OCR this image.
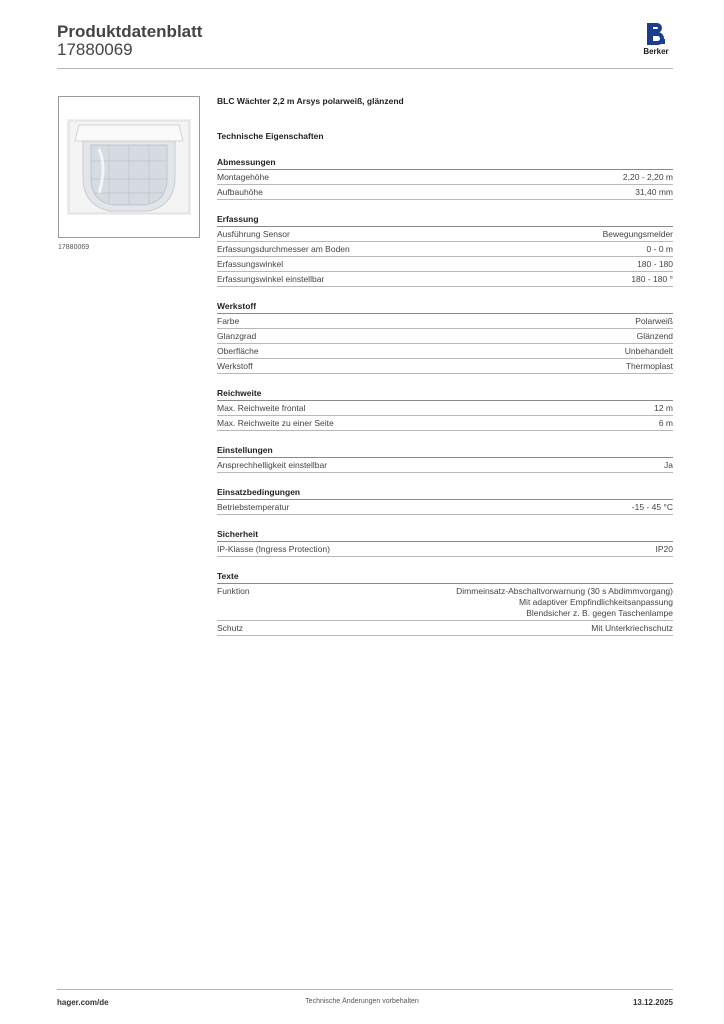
Produktdatenblatt
17880069	Berker
17880069
BLC Wächter 2,2 m Arsys polarweiß, glänzend
Technische Eigenschaften
Abmessungen
Montagehöhe	2,20 - 2,20 m
Aufbauhöhe	31,40 mm
Erfassung
Ausführung Sensor	Bewegungsmelder
Erfassungsdurchmesser am Boden	0 - 0 m
Erfassungswinkel	180 - 180
Erfassungswinkel einstellbar	180 - 180 °
Werkstoff
Farbe	Polarweiß
Glanzgrad	Glänzend
Oberfläche	Unbehandelt
Werkstoff	Thermoplast
Reichweite
Max. Reichweite frontal	12 m
Max. Reichweite zu einer Seite	6 m
Einstellungen
Ansprechhelligkeit einstellbar	Ja
Einsatzbedingungen
Betriebstemperatur	-15 - 45 °C
Sicherheit
IP-Klasse (Ingress Protection)	IP20
Texte
Funktion	Dimmeinsatz-Abschaltvorwarnung (30 s Abdimmvorgang)
Mit adaptiver Empfindlichkeitsanpassung
Blendsicher z. B. gegen Taschenlampe
Schutz	Mit Unterkriechschutz
hager.com/de	Technische Änderungen vorbehalten	13.12.2025
